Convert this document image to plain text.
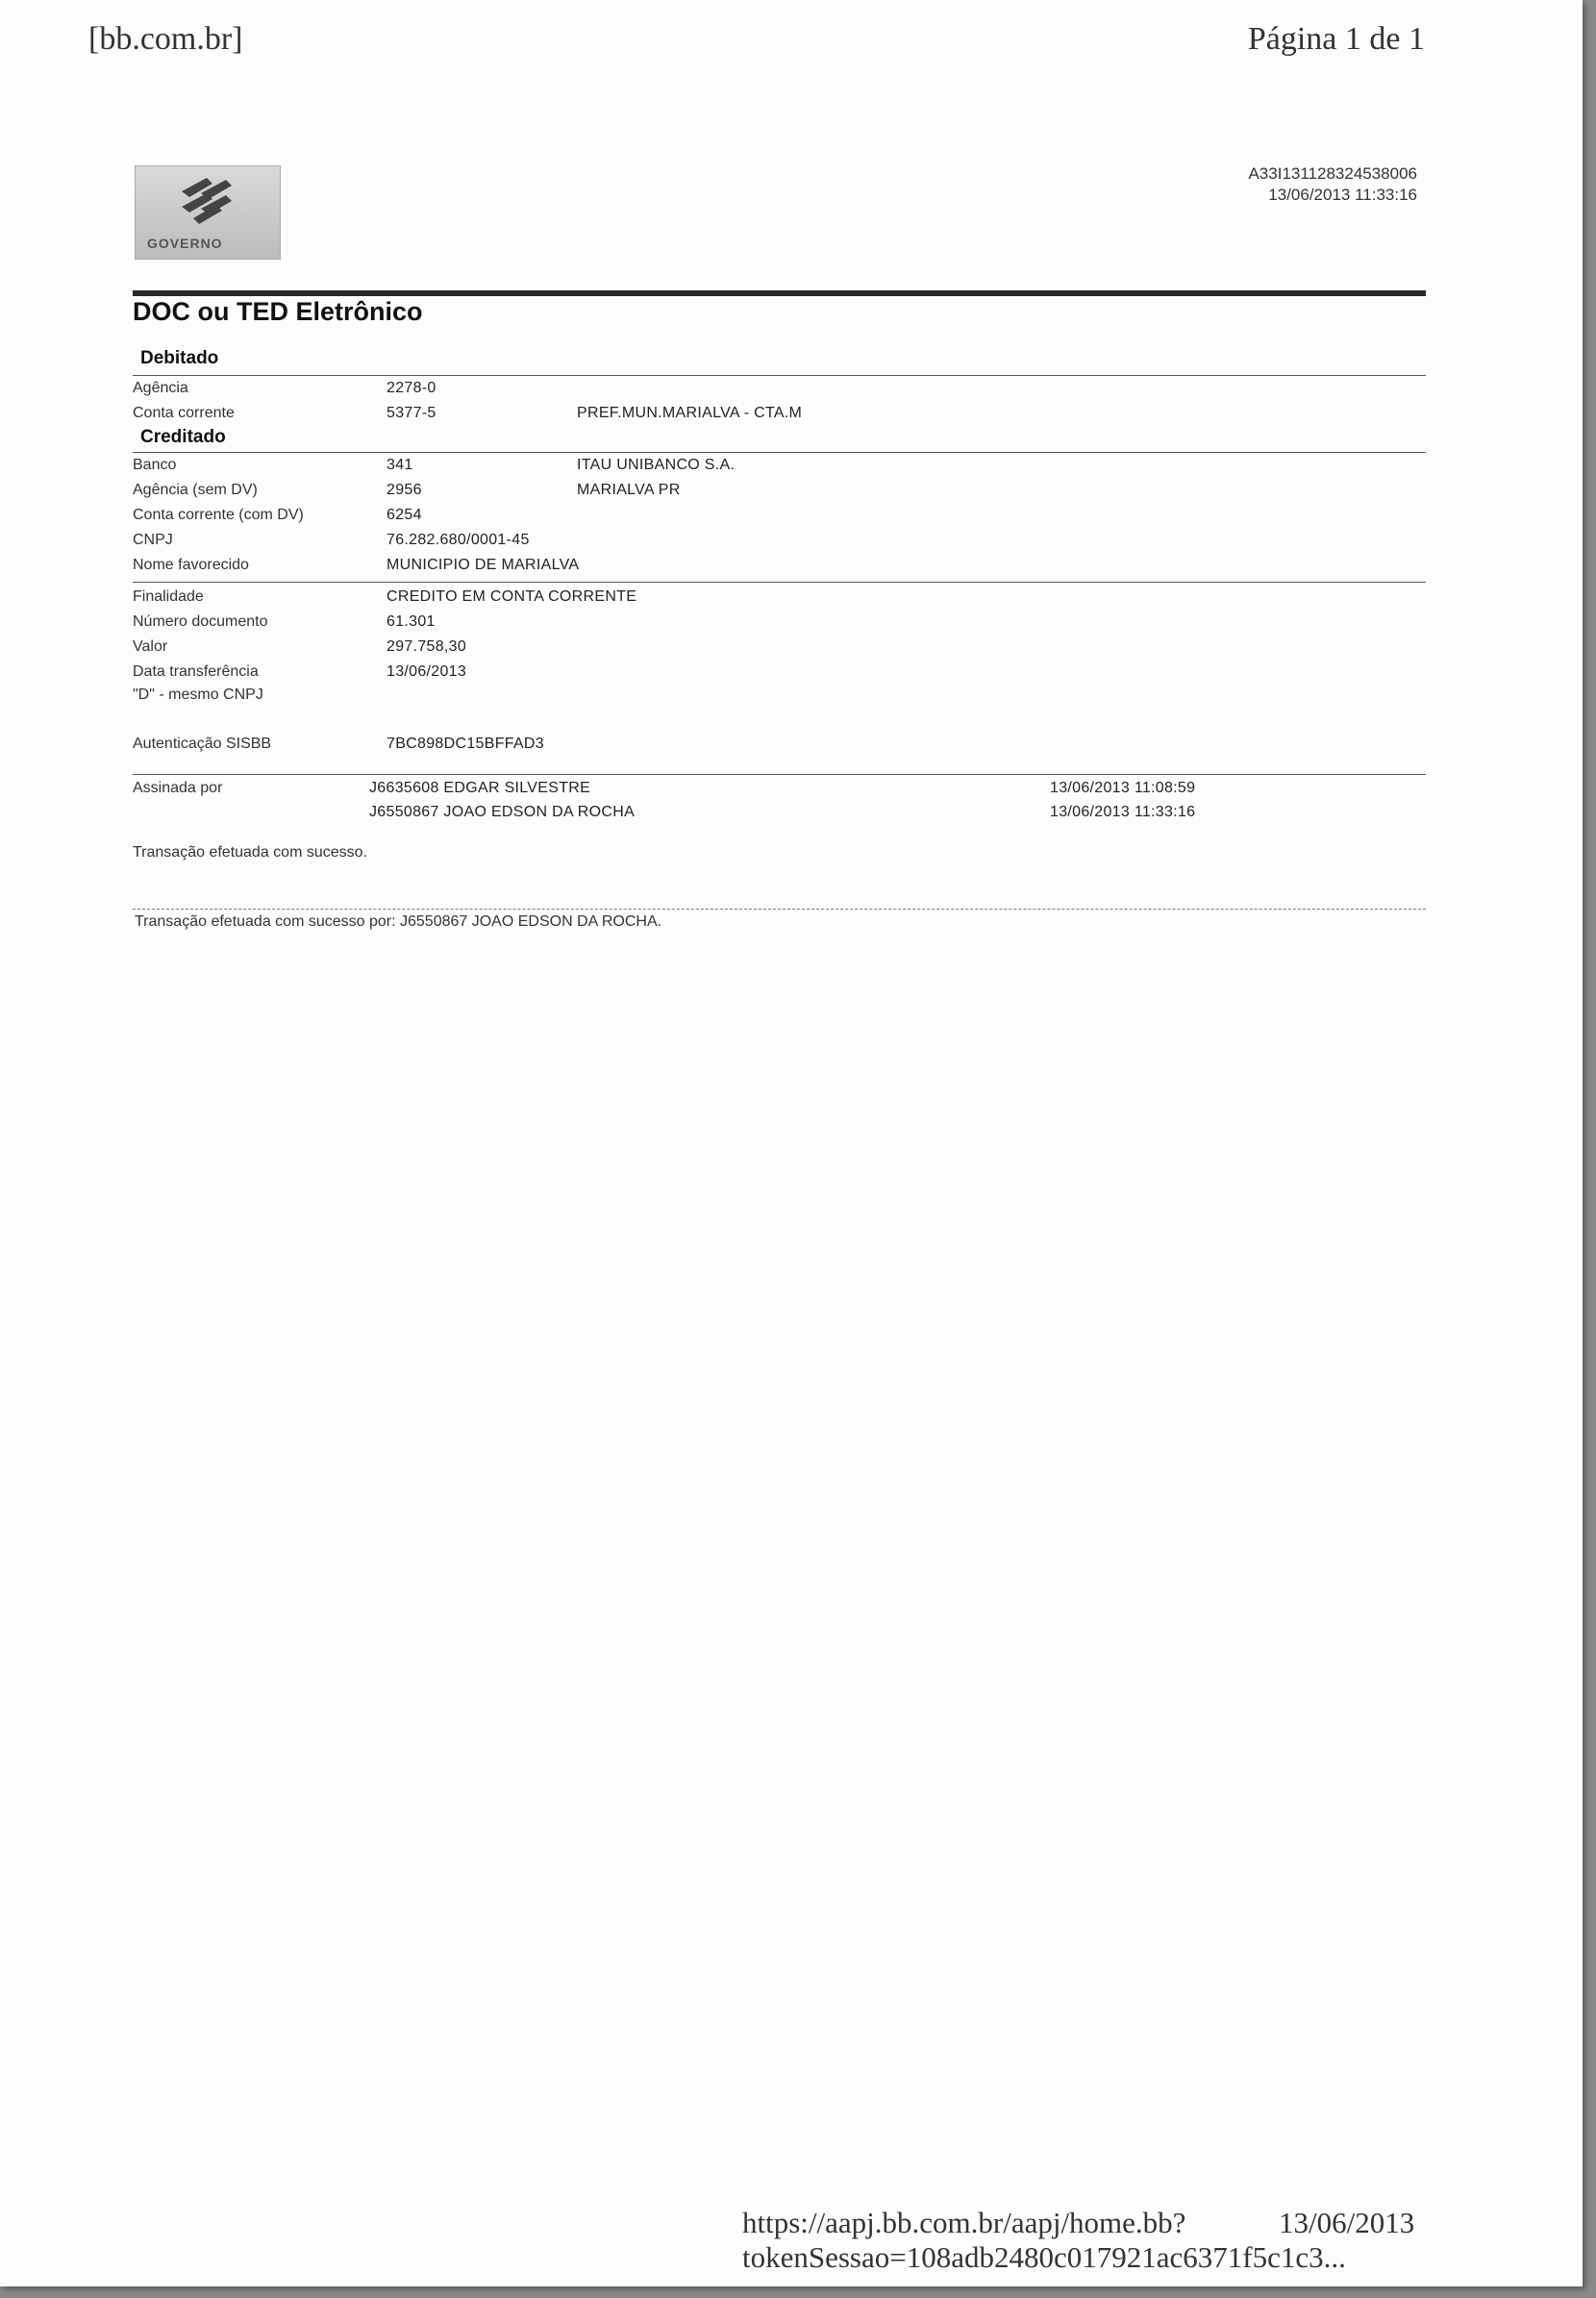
[bb.com.br]	Página 1 de 1
A33I131128324538006
13/06/2013 11:33:16
GOVERNO
DOC ou TED Eletrônico
Debitado
Agência	2278-0
Conta corrente	5377-5	PREF.MUN.MARIALVA - CTA.M
Creditado
Banco	341	ITAU UNIBANCO S.A.
Agência (sem DV)	2956	MARIALVA PR
Conta corrente (com DV)	6254
CNPJ	76.282.680/0001-45
Nome favorecido	MUNICIPIO DE MARIALVA
Finalidade	CREDITO EM CONTA CORRENTE
Número documento	61.301
Valor	297.758,30
Data transferência	13/06/2013
"D" - mesmo CNPJ
Autenticação SISBB	7BC898DC15BFFAD3
Assinada por	J6635608 EDGAR SILVESTRE	13/06/2013 11:08:59
J6550867 JOAO EDSON DA ROCHA	13/06/2013 11:33:16
Transação efetuada com sucesso.
Transação efetuada com sucesso por: J6550867 JOAO EDSON DA ROCHA.
https://aapj.bb.com.br/aapj/home.bb?tokenSessao=108adb2480c017921ac6371f5c1c3...
13/06/2013
